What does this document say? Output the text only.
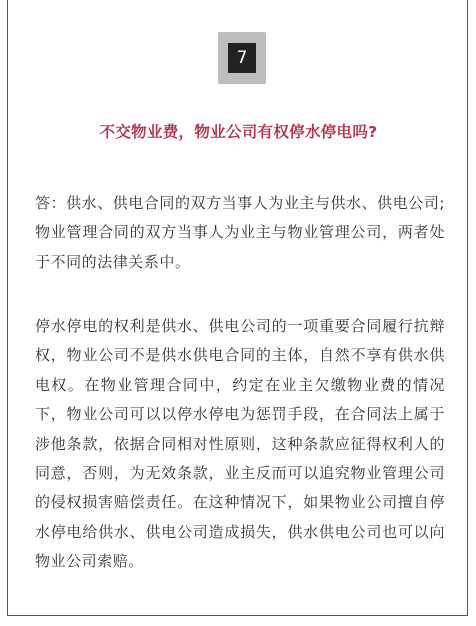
7
不交物业费，物业公司有权停水停电吗?

答：供水、供电合同的双方当事人为业主与供水、供电公司;物业管理合同的双方当事人为业主与物业管理公司，两者处于不同的法律关系中。

停水停电的权利是供水、供电公司的一项重要合同履行抗辩权，物业公司不是供水供电合同的主体，自然不享有供水供电权。在物业管理合同中，约定在业主欠缴物业费的情况下，物业公司可以以停水停电为惩罚手段，在合同法上属于涉他条款，依据合同相对性原则，这种条款应征得权利人的同意，否则，为无效条款，业主反而可以追究物业管理公司的侵权损害赔偿责任。在这种情况下，如果物业公司擅自停水停电给供水、供电公司造成损失，供水供电公司也可以向物业公司索赔。
